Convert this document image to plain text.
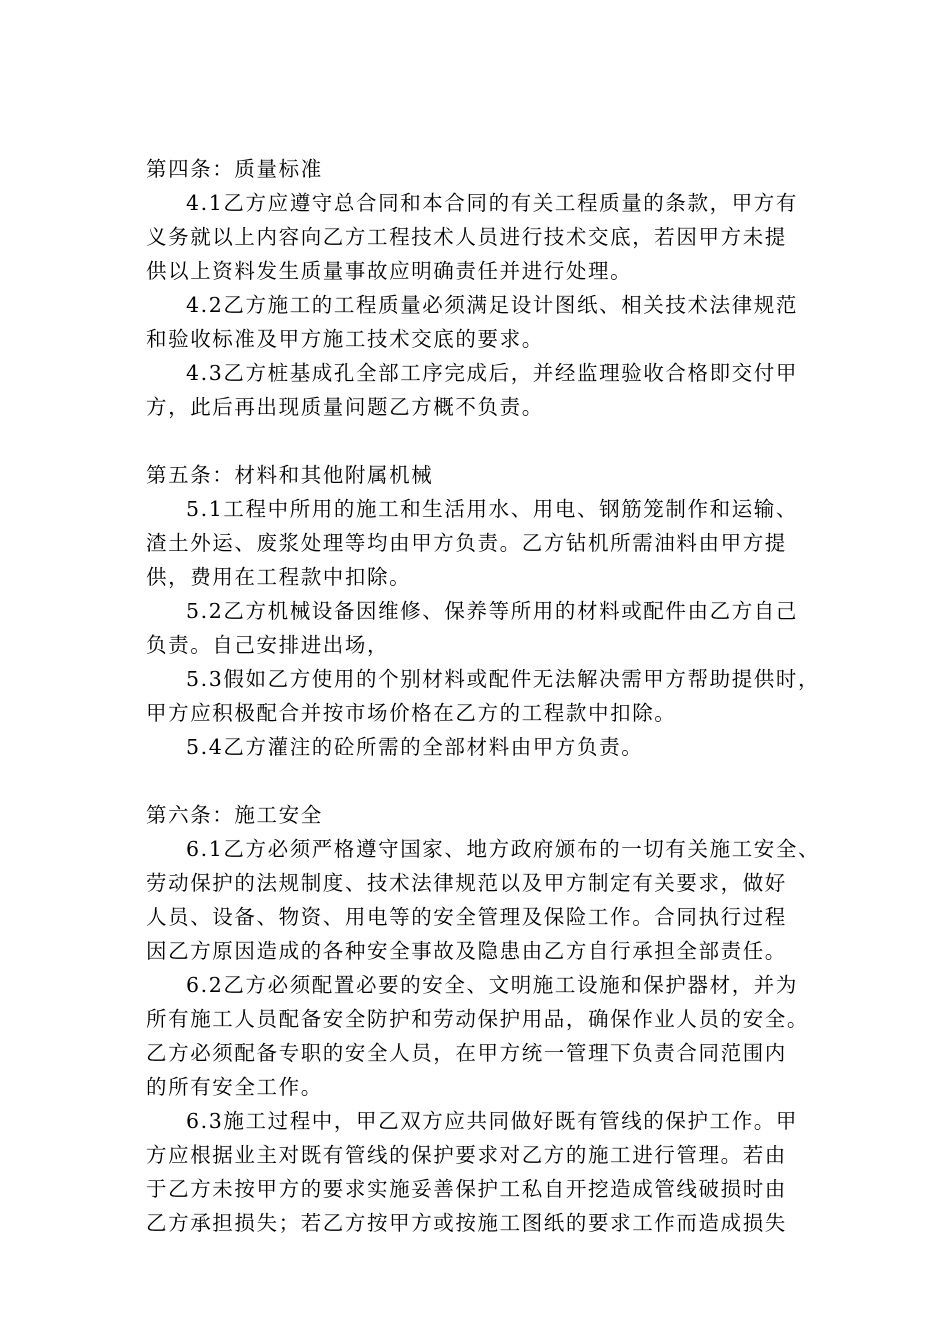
第四条：质量标准
4.1乙方应遵守总合同和本合同的有关工程质量的条款，甲方有
义务就以上内容向乙方工程技术人员进行技术交底，若因甲方未提
供以上资料发生质量事故应明确责任并进行处理。
4.2乙方施工的工程质量必须满足设计图纸、相关技术法律规范
和验收标准及甲方施工技术交底的要求。
4.3乙方桩基成孔全部工序完成后，并经监理验收合格即交付甲
方，此后再出现质量问题乙方概不负责。
第五条：材料和其他附属机械
5.1工程中所用的施工和生活用水、用电、钢筋笼制作和运输、
渣土外运、废浆处理等均由甲方负责。乙方钻机所需油料由甲方提
供，费用在工程款中扣除。
5.2乙方机械设备因维修、保养等所用的材料或配件由乙方自己
负责。自己安排进出场，
5.3假如乙方使用的个别材料或配件无法解决需甲方帮助提供时，
甲方应积极配合并按市场价格在乙方的工程款中扣除。
5.4乙方灌注的砼所需的全部材料由甲方负责。
第六条：施工安全
6.1乙方必须严格遵守国家、地方政府颁布的一切有关施工安全、
劳动保护的法规制度、技术法律规范以及甲方制定有关要求，做好
人员、设备、物资、用电等的安全管理及保险工作。合同执行过程
因乙方原因造成的各种安全事故及隐患由乙方自行承担全部责任。
6.2乙方必须配置必要的安全、文明施工设施和保护器材，并为
所有施工人员配备安全防护和劳动保护用品，确保作业人员的安全。
乙方必须配备专职的安全人员，在甲方统一管理下负责合同范围内
的所有安全工作。
6.3施工过程中，甲乙双方应共同做好既有管线的保护工作。甲
方应根据业主对既有管线的保护要求对乙方的施工进行管理。若由
于乙方未按甲方的要求实施妥善保护工私自开挖造成管线破损时由
乙方承担损失；若乙方按甲方或按施工图纸的要求工作而造成损失
